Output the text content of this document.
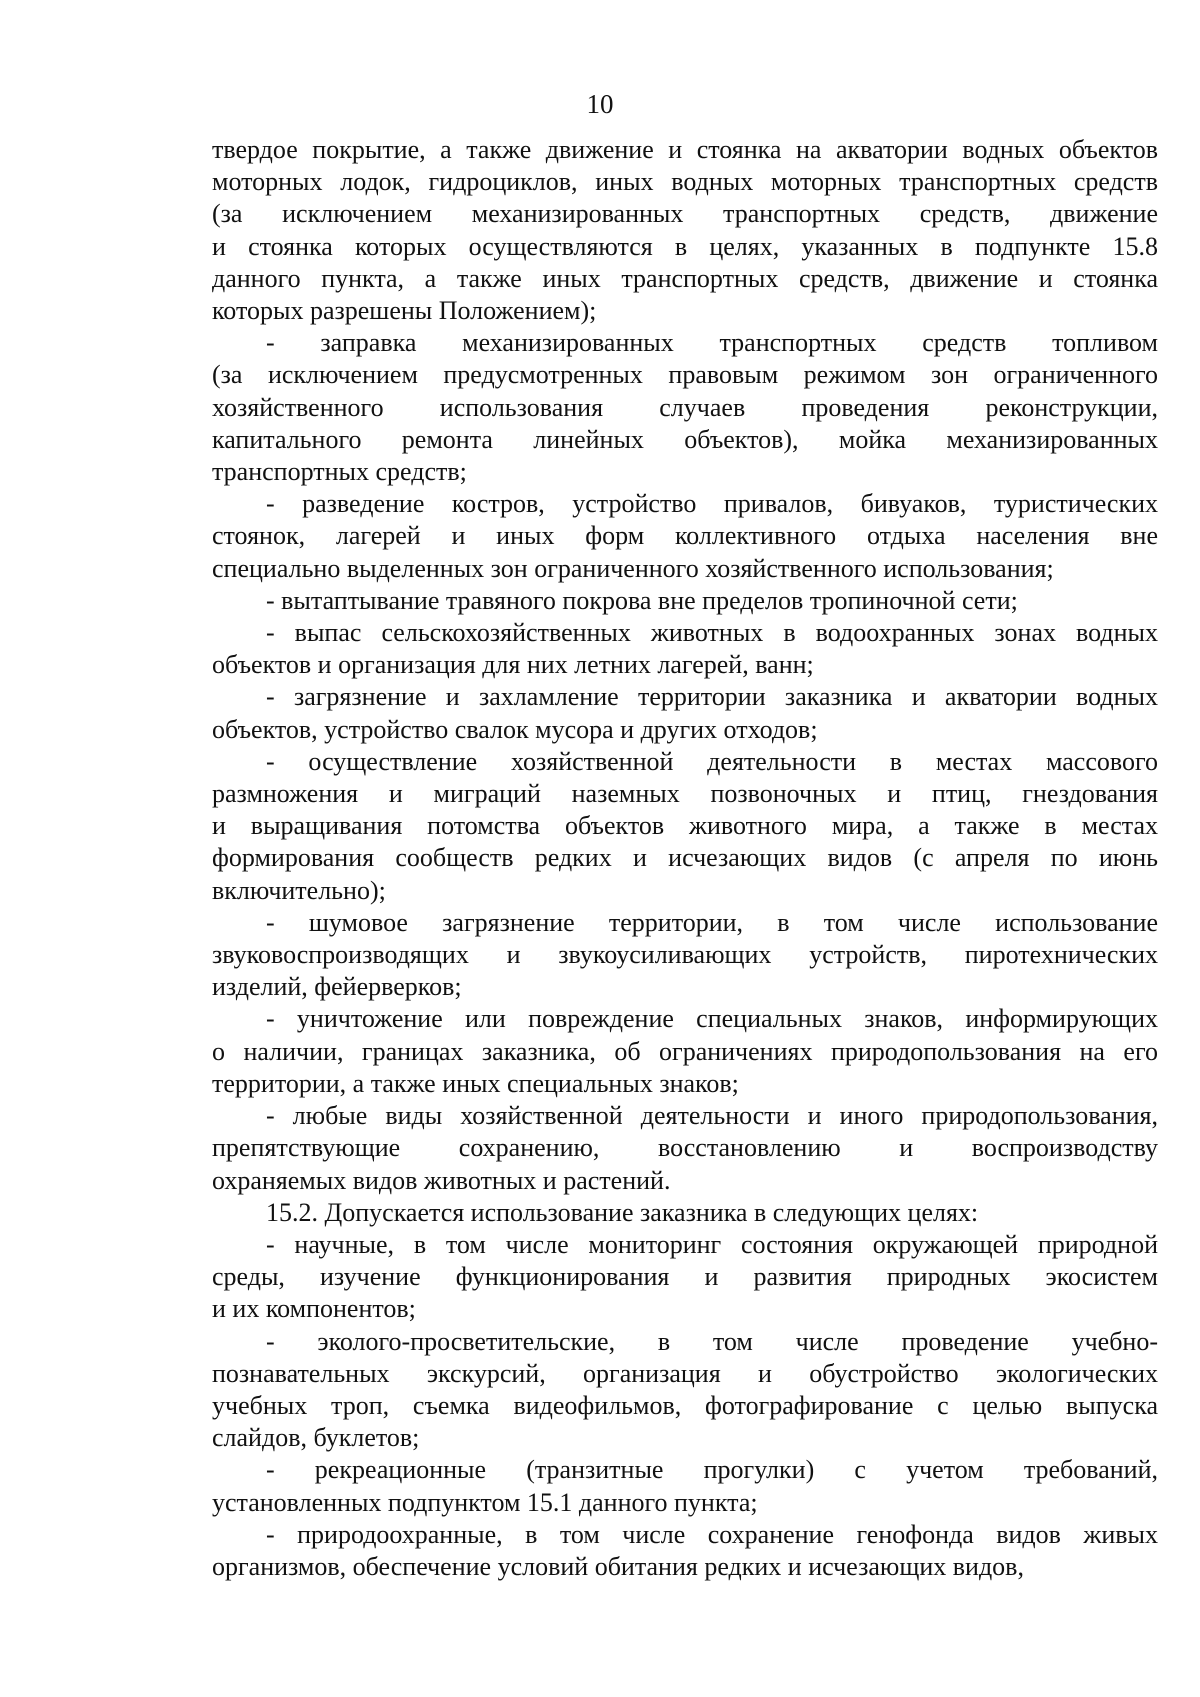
10
твердое покрытие, а также движение и стоянка на акватории водных объектов
моторных лодок, гидроциклов, иных водных моторных транспортных средств
(за исключением механизированных транспортных средств, движение
и стоянка которых осуществляются в целях, указанных в подпункте 15.8
данного пункта, а также иных транспортных средств, движение и стоянка
которых разрешены Положением);
- заправка механизированных транспортных средств топливом
(за исключением предусмотренных правовым режимом зон ограниченного
хозяйственного использования случаев проведения реконструкции,
капитального ремонта линейных объектов), мойка механизированных
транспортных средств;
- разведение костров, устройство привалов, бивуаков, туристических
стоянок, лагерей и иных форм коллективного отдыха населения вне
специально выделенных зон ограниченного хозяйственного использования;
- вытаптывание травяного покрова вне пределов тропиночной сети;
- выпас сельскохозяйственных животных в водоохранных зонах водных
объектов и организация для них летних лагерей, ванн;
- загрязнение и захламление территории заказника и акватории водных
объектов, устройство свалок мусора и других отходов;
- осуществление хозяйственной деятельности в местах массового
размножения и миграций наземных позвоночных и птиц, гнездования
и выращивания потомства объектов животного мира, а также в местах
формирования сообществ редких и исчезающих видов (с апреля по июнь
включительно);
- шумовое загрязнение территории, в том числе использование
звуковоспроизводящих и звукоусиливающих устройств, пиротехнических
изделий, фейерверков;
- уничтожение или повреждение специальных знаков, информирующих
о наличии, границах заказника, об ограничениях природопользования на его
территории, а также иных специальных знаков;
- любые виды хозяйственной деятельности и иного природопользования,
препятствующие сохранению, восстановлению и воспроизводству
охраняемых видов животных и растений.
15.2. Допускается использование заказника в следующих целях:
- научные, в том числе мониторинг состояния окружающей природной
среды, изучение функционирования и развития природных экосистем
и их компонентов;
- эколого-просветительские, в том числе проведение учебно-
познавательных экскурсий, организация и обустройство экологических
учебных троп, съемка видеофильмов, фотографирование с целью выпуска
слайдов, буклетов;
- рекреационные (транзитные прогулки) с учетом требований,
установленных подпунктом 15.1 данного пункта;
- природоохранные, в том числе сохранение генофонда видов живых
организмов, обеспечение условий обитания редких и исчезающих видов,
